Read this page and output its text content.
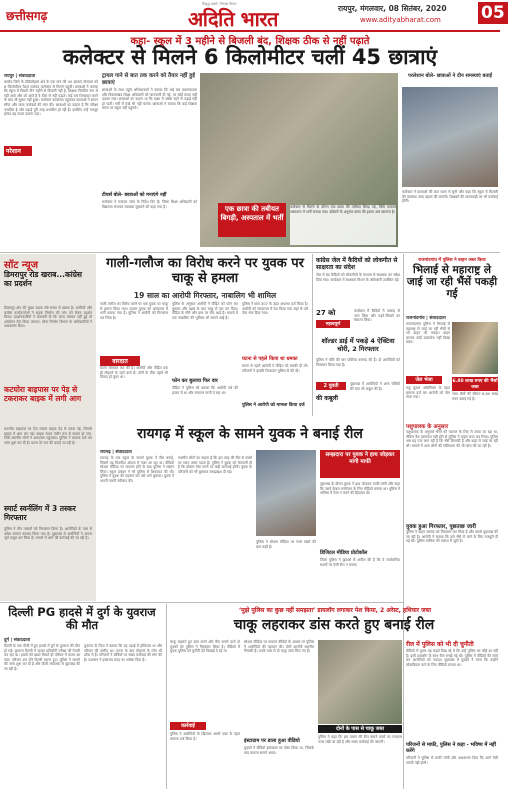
छत्तीसगढ़
विशुद्ध खबरें, निष्पक्ष विचार
अदिति भारत	रायपुर, मंगलवार, 08 सितंबर, 2020
www.adityabharat.com 05
कहा- स्कूल में 3 महीने से बिजली बंद, शिक्षक ठीक से नहीं पढ़ाते
कलेक्टर से मिलने 6 किलोमीटर चलीं 45 छात्राएं
रायपुर | संवाददाता
बालोद जिले के डौंडीलोहारा क्षेत्र के एक गांव की 45 छात्राएं सोमवार को 6 किलोमीटर पैदल चलकर कलेक्टर से मिलने पहुंचीं। छात्राओं ने बताया कि स्कूल में पिछले तीन महीने से बिजली नहीं है, शिक्षक नियमित रूप से नहीं आते और जो आते हैं वे ठीक से नहीं पढ़ाते। कई बार शिकायत करने के बाद भी सुधार नहीं हुआ। कलेक्टर कार्यालय पहुंचकर छात्राओं ने ज्ञापन सौंपा और जल्द कार्रवाई की मांग की। छात्राओं का कहना है कि परीक्षा नजदीक है और पढ़ाई पूरी तरह प्रभावित हो रही है। इसलिए उन्हें मजबूर होकर यह कदम उठाना पड़ा।
परेशान
ट्रायल गाने से बात तक करने को तैयार नहीं हुई छात्राएं
छात्राओं के साथ पहुंचे अभिभावकों ने बताया कि कई बार प्रधानपाठक और विकासखंड शिक्षा अधिकारी को जानकारी दी गई, पर कोई कदम नहीं उठाया गया। छात्राओं का कहना था कि कक्षा में अंधेरा रहने से पढ़ाई नहीं हो पाती। गर्मी में पंखे भी नहीं चलते। छात्राओं ने बताया कि कई शिक्षक समय पर स्कूल नहीं पहुंचते।
टीचर्स बोले- छात्राओं को मनाएंगे नहीं
कलेक्टर ने तत्काल जांच के निर्देश दिए हैं। जिला शिक्षा अधिकारी को विद्यालय भेजकर व्यवस्था सुधारने को कहा गया है।	एक छात्रा की तबीयत बिगड़ी, अस्पताल में भर्ती
कलेक्टर से मिलने के दौरान एक छात्रा की तबीयत बिगड़ गई, जिसे तत्काल अस्पताल में भर्ती कराया गया। डॉक्टरों के अनुसार छात्रा की हालत अब सामान्य है।
परलेशान बोले- छात्राओं ने दीन समस्याएं बताईं
कलेक्टर ने छात्राओं की बात ध्यान से सुनी और कहा कि स्कूल में बिजली की व्यवस्था जल्द बहाल की जाएगी। शिक्षकों की लापरवाही पर भी कार्रवाई होगी।
सॉट न्यूज
डिमरापुर रोड खराब...कांग्रेस का प्रदर्शन
डिमरापुर क्षेत्र की मुख्य सड़क लंबे समय से खराब है। ग्रामीणों और कांग्रेस कार्यकर्ताओं ने सड़क निर्माण की मांग को लेकर प्रदर्शन किया। प्रदर्शनकारियों ने चेतावनी दी कि जल्द मरम्मत नहीं हुई तो आंदोलन तेज किया जाएगा। लोक निर्माण विभाग के अधिकारियों ने आश्वासन दिया।
कटघोरा बाइपास पर पेड़ से टकराकर बाइक में लगी आग
कटघोरा बाइपास पर तेज रफ्तार बाइक पेड़ से टकरा गई, जिससे बाइक में आग लग गई। बाइक सवार गंभीर रूप से घायल हो गया, जिसे स्थानीय लोगों ने अस्पताल पहुंचाया। पुलिस ने मामला दर्ज कर जांच शुरू कर दी है। घटना देर रात की बताई जा रही है।
स्मार्ट स्वर्नलिंग में 3 तस्कर गिरफ्तार
पुलिस ने तीन तस्करों को गिरफ्तार किया है। आरोपियों के पास से अवैध सामान बरामद किया गया है। पूछताछ में आरोपियों ने अपना जुर्म कबूल कर लिया है। मामले में आगे की कार्रवाई की जा रही है।
गाली-गलौज का विरोध करने पर युवक पर चाकू से हमला
19 साल का आरोपी गिरफ्तार, नाबालिग भी शामिल
गाली-गलौज का विरोध करने पर एक युवक पर चाकू से हमला किया गया। घायल युवक को अस्पताल में भर्ती कराया गया है। पुलिस ने आरोपी को गिरफ्तार कर लिया है।
वारदात
घटना सोमवार रात की है। आरोपी और पीड़ित एक ही मोहल्ले के रहने वाले हैं। दोनों के बीच पहले भी विवाद हो चुका था।
पुलिस के अनुसार आरोपी ने पीड़ित को फोन कर बुलाया और बहस के बाद चाकू से वार कर दिया। पीड़ित के सीने और हाथ पर चोट आई है। मामले में एक नाबालिग की भूमिका भी सामने आई है।
फोन कर बुलाया फिर वार
पीड़ित ने पुलिस को बताया कि आरोपी नशे की हालत में था और लगातार गाली दे रहा था।
पुलिस ने धारा 307 के तहत अपराध दर्ज किया है। आरोपी को न्यायालय में पेश किया गया जहां से उसे जेल भेज दिया गया।
घटना से पहले किया था धमका
घटना से पहले आरोपी ने पीड़ित को धमकी दी थी। परिजनों ने इसकी शिकायत पुलिस से की थी।
पुलिस ने आरोपी को मामला किया दर्ज
कांग्रेस जेल में कैदियों को लोकगीत से साक्षरता का संदेश
जेल में बंद कैदियों को लोकगीतों के माध्यम से साक्षरता का संदेश दिया गया। कार्यक्रम में साक्षरता मिशन के अधिकारी उपस्थित रहे।
27 को
महत्वपूर्ण
कार्यक्रम में कैदियों ने उत्साह से भाग लिया और पढ़ने-लिखने का संकल्प लिया।
शॉल्डर डाई में पकड़े 4 ऐक्टिवा चोरी, 2 गिरफ्तार
पुलिस ने चोरी की चार एक्टिवा बरामद की हैं। दो आरोपियों को गिरफ्तार किया गया है।
2 युवती
की कबूली
पूछताछ में आरोपियों ने अन्य चोरियों की बात भी कबूल की है।
राजनांदगांव में पुलिस ने बाहन जब्त किया
भिलाई से महाराष्ट्र ले जाई जा रही भैंसें पकड़ी गई
राजनांदगांव | संवाददाता
राजनांदगांव पुलिस ने भिलाई से महाराष्ट्र ले जाई जा रही भैंसों से भरे वाहन को पकड़ा। वाहन चालक कोई दस्तावेज नहीं दिखा सका।
जेल भेजा
पशु क्रूरता अधिनियम के तहत मामला दर्ज कर आरोपी को जेल भेजा गया।
6.80 लाख रुपए की भैंसों जब्त
जब्त भैंसों की कीमत 6.80 लाख रुपए बताई गई है।
रायगढ़ में स्कूल के सामने युवक ने बनाई रील
रायगढ़ | संवाददाता
रायगढ़ के एक स्कूल के सामने युवक ने रील बनाई, जिसमें वह विवादित अंदाज में नजर आ रहा था। वीडियो सोशल मीडिया पर वायरल होने के बाद पुलिस ने संज्ञान लिया। स्कूल प्रबंधन ने भी पुलिस से शिकायत की थी। पुलिस ने युवक की पहचान कर उसे थाने बुलाया। युवक ने अपनी गलती स्वीकार की।
स्थानीय लोगों का कहना है कि इस तरह की रील से बच्चों पर गलत असर पड़ता है। पुलिस ने युवक को चेतावनी दी है कि दोबारा ऐसा करने पर कड़ी कार्रवाई होगी। युवक के परिजनों को भी बुलाकर समझाइश दी गई।
सम्झदारा पर युवक ने हाथ जोड़कर मांगी माफी
पूछताछ के दौरान युवक ने हाथ जोड़कर माफी मांगी और कहा कि उसने केवल मनोरंजन के लिए वीडियो बनाया था। पुलिस ने भविष्य में ऐसा न करने की हिदायत दी।
पुलिस ने सोशल मीडिया पर नजर रखने की बात कही है।
डिजिटल मीडिया प्रोटोकॉल
जिला पुलिस ने युवाओं से अपील की है कि वे सार्वजनिक स्थानों पर ऐसी रील न बनाएं।
पशुपालक के अनुसार
पशुपालक के अनुसार भैंसों को व्यापार के लिए ले जाया जा रहा था, लेकिन वैध दस्तावेज नहीं होने से पुलिस ने वाहन जब्त कर लिया। पुलिस अब यह पता लगा रही है कि भैंसें किसकी हैं और कहां ले जाई जा रही थीं। मामले में अन्य लोगों की संलिप्तता की भी जांच की जा रही है।
युवक हुआ गिरफ्तार, पूछताछ जारी
पुलिस ने वाहन चालक को गिरफ्तार कर लिया है और उससे पूछताछ की जा रही है। आरोपी ने बताया कि उसे भैंसें ले जाने के लिए मजदूरी दी गई थी। पुलिस मालिक की तलाश में जुटी है।
दिल्ली PG हादसे में दुर्ग के युवराज की मौत
दुर्ग | संवाददाता
दिल्ली के एक पीजी में हुए हादसे में दुर्ग के युवराज की मौत हो गई। युवराज दिल्ली में रहकर प्रतियोगी परीक्षा की तैयारी कर रहा था। हादसे की खबर मिलते ही परिवार में मातम छा गया। परिजन शव लेने दिल्ली रवाना हुए। पुलिस ने मामले की जांच शुरू कर दी है और पीजी संचालक से पूछताछ की जा रही है।
युवराज के पिता ने बताया कि वह पढ़ाई में होशियार था और परिवार की उम्मीद था। घटना के बाद मोहल्ले के लोग भी शोक में हैं। परिजनों ने दोषियों पर सख्त कार्रवाई की मांग की है। प्रशासन ने हरसंभव मदद का भरोसा दिया है।
‘मुझे पुलिस का कुछ नहीं समझता’ डायलॉग लगाकर पेश किया, 2 अरेस्ट, हथियार जब्त
चाकू लहराकर डांस करते हुए बनाई रील
चाकू लहराते हुए डांस करने और रील बनाने वाले दो युवकों को पुलिस ने गिरफ्तार किया है। वीडियो में युवक पुलिस को चुनौती देते दिखाई दे रहे थे।
कार्रवाई
पुलिस ने आरोपियों के खिलाफ आर्म्स एक्ट के तहत मामला दर्ज किया है।
सोशल मीडिया पर वायरल वीडियो के आधार पर पुलिस ने आरोपियों की पहचान की। दोनों आरोपी स्थानीय निवासी हैं। उनके पास से दो चाकू जब्त किए गए हैं।
इंस्टाग्राम पर डाला हुआ वीडियो
युवकों ने वीडियो इंस्टाग्राम पर पोस्ट किया था, जिसके बाद मामला सामने आया।
दोनों के पास से चाकू जब्त
पुलिस ने कहा कि इस प्रकार की रील बनाने वालों पर लगातार नजर रखी जा रही है और सख्त कार्रवाई की जाएगी।
रील में पुलिस को भी दी चुनौती
वीडियो में युवक यह कहते दिख रहे थे कि उन्हें पुलिस का कोई डर नहीं है। इसी डायलॉग के साथ रील बनाई गई थी। पुलिस ने वीडियो की जांच कर आरोपियों को पकड़ा। पूछताछ में युवकों ने माना कि उन्होंने लोकप्रियता पाने के लिए वीडियो बनाया था।
परिजनों से माफ़ी, पुलिस ने कहा - भविष्य में नहीं करेंगे
परिजनों ने पुलिस से माफी मांगी और आश्वासन दिया कि आगे ऐसी गलती नहीं होगी।
